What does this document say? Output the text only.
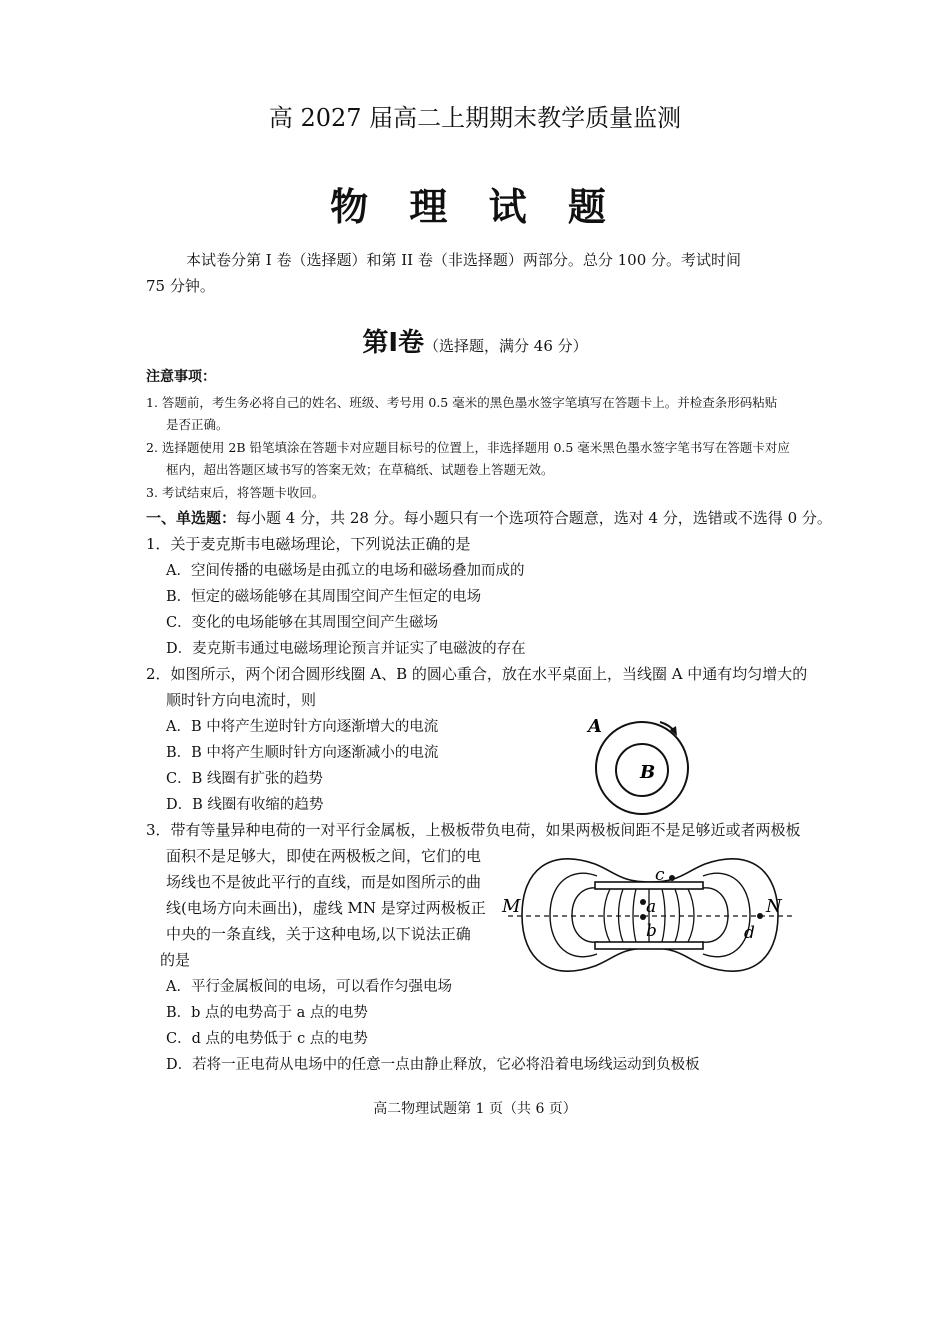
高 2027 届高二上期期末教学质量监测
物 理 试 题
本试卷分第 I 卷（选择题）和第 II 卷（非选择题）两部分。总分 100 分。考试时间
75 分钟。
第Ⅰ卷（选择题，满分 46 分）
注意事项：
1. 答题前，考生务必将自己的姓名、班级、考号用 0.5 毫米的黑色墨水签字笔填写在答题卡上。并检查条形码粘贴
是否正确。
2. 选择题使用 2B 铅笔填涂在答题卡对应题目标号的位置上，非选择题用 0.5 毫米黑色墨水签字笔书写在答题卡对应
框内，超出答题区域书写的答案无效；在草稿纸、试题卷上答题无效。
3. 考试结束后，将答题卡收回。
一、单选题：每小题 4 分，共 28 分。每小题只有一个选项符合题意，选对 4 分，选错或不选得 0 分。
1．关于麦克斯韦电磁场理论，下列说法正确的是
A．空间传播的电磁场是由孤立的电场和磁场叠加而成的
B．恒定的磁场能够在其周围空间产生恒定的电场
C．变化的电场能够在其周围空间产生磁场
D．麦克斯韦通过电磁场理论预言并证实了电磁波的存在
2．如图所示，两个闭合圆形线圈 A、B 的圆心重合，放在水平桌面上，当线圈 A 中通有均匀增大的
顺时针方向电流时，则
A．B 中将产生逆时针方向逐渐增大的电流
B．B 中将产生顺时针方向逐渐减小的电流
C．B 线圈有扩张的趋势
D．B 线圈有收缩的趋势
A
B
3．带有等量异种电荷的一对平行金属板，上极板带负电荷，如果两极板间距不是足够近或者两极板
面积不是足够大，即使在两极板之间，它们的电
场线也不是彼此平行的直线，而是如图所示的曲
线(电场方向未画出)，虚线 MN 是穿过两极板正
中央的一条直线，关于这种电场,以下说法正确
的是
A．平行金属板间的电场，可以看作匀强电场
B．b 点的电势高于 a 点的电势
C．d 点的电势低于 c 点的电势
D．若将一正电荷从电场中的任意一点由静止释放，它必将沿着电场线运动到负极板
M	N
a
b
c
d
高二物理试题第 1 页（共 6 页）
